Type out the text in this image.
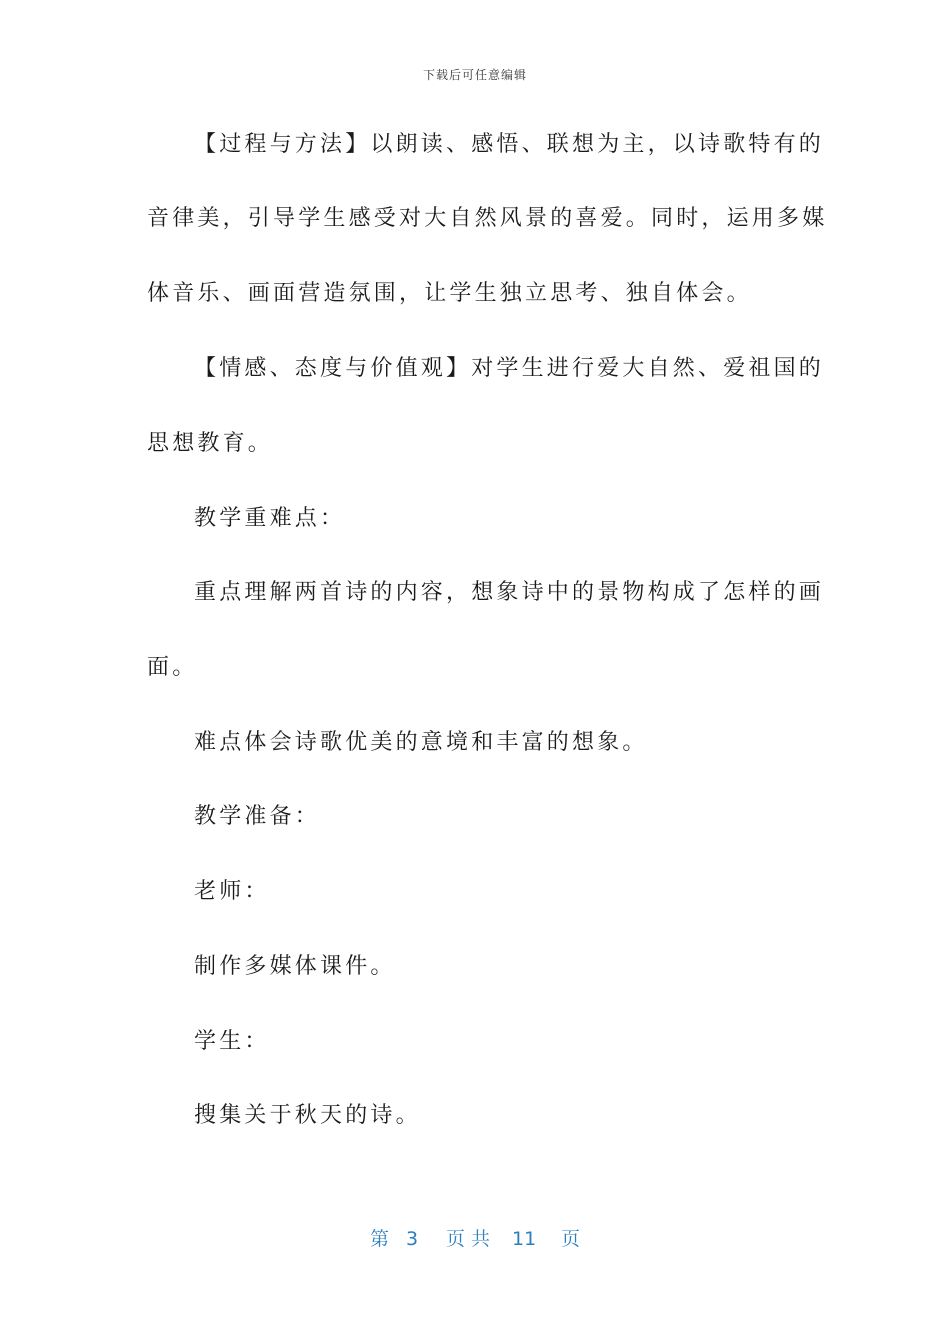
下载后可任意编辑
【过程与方法】以朗读、感悟、联想为主，以诗歌特有的
音律美，引导学生感受对大自然风景的喜爱。同时，运用多媒
体音乐、画面营造氛围，让学生独立思考、独自体会。
【情感、态度与价值观】对学生进行爱大自然、爱祖国的
思想教育。
教学重难点：
重点理解两首诗的内容，想象诗中的景物构成了怎样的画
面。
难点体会诗歌优美的意境和丰富的想象。
教学准备：
老师：
制作多媒体课件。
学生：
搜集关于秋天的诗。
第 3 页 共 11 页
